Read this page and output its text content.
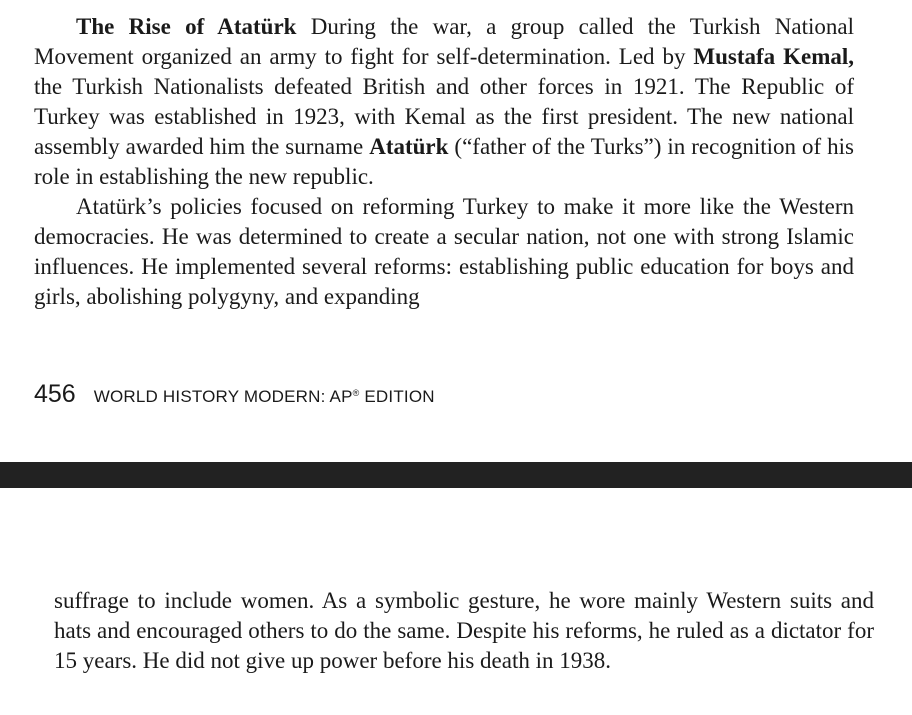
The Rise of Atatürk During the war, a group called the Turkish National Movement organized an army to fight for self-determination. Led by Mustafa Kemal, the Turkish Nationalists defeated British and other forces in 1921. The Republic of Turkey was established in 1923, with Kemal as the first president. The new national assembly awarded him the surname Atatürk (“father of the Turks”) in recognition of his role in establishing the new republic.
Atatürk’s policies focused on reforming Turkey to make it more like the Western democracies. He was determined to create a secular nation, not one with strong Islamic influences. He implemented several reforms: establishing public education for boys and girls, abolishing polygyny, and expanding
456 WORLD HISTORY MODERN: AP® EDITION
suffrage to include women. As a symbolic gesture, he wore mainly Western suits and hats and encouraged others to do the same. Despite his reforms, he ruled as a dictator for 15 years. He did not give up power before his death in 1938.
